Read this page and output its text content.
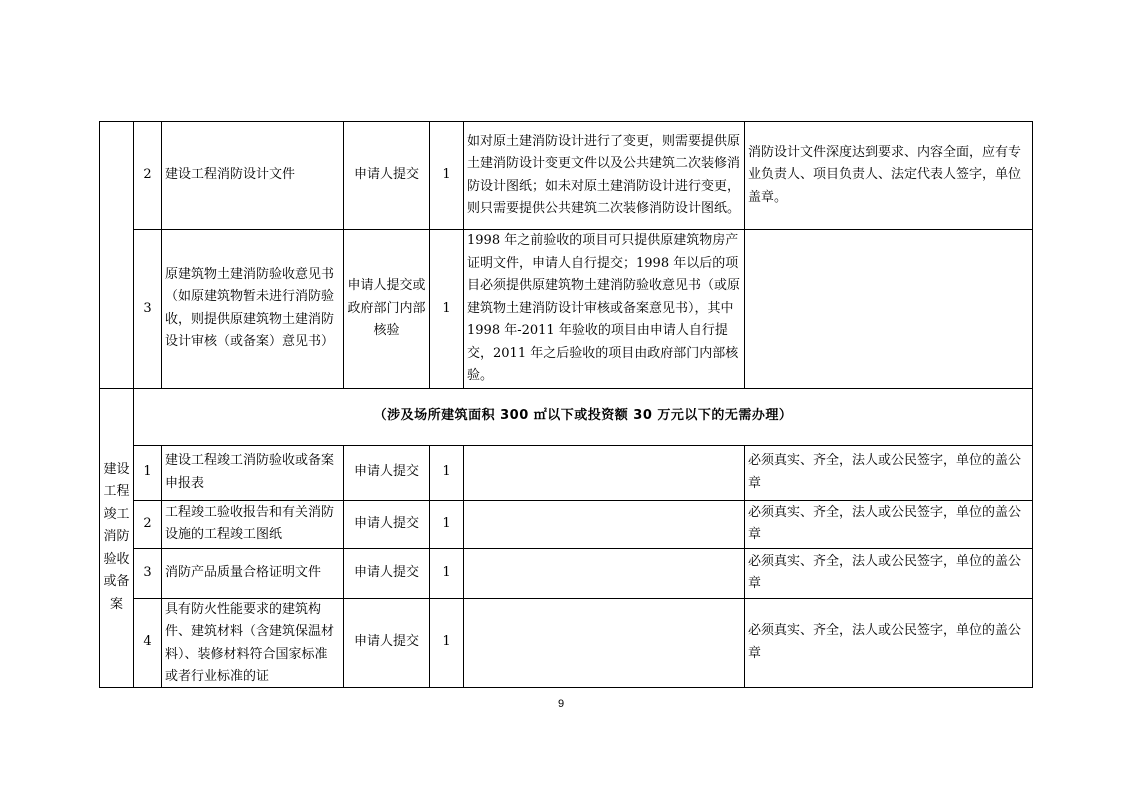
	2	建设工程消防设计文件	申请人提交	1	如对原土建消防设计进行了变更，则需要提供原土建消防设计变更文件以及公共建筑二次装修消防设计图纸；如未对原土建消防设计进行变更，则只需要提供公共建筑二次装修消防设计图纸。	消防设计文件深度达到要求、内容全面，应有专业负责人、项目负责人、法定代表人签字，单位盖章。
	3	原建筑物土建消防验收意见书（如原建筑物暂未进行消防验收，则提供原建筑物土建消防设计审核（或备案）意见书）	申请人提交或政府部门内部核验	1	1998 年之前验收的项目可只提供原建筑物房产证明文件，申请人自行提交；1998 年以后的项目必须提供原建筑物土建消防验收意见书（或原建筑物土建消防设计审核或备案意见书），其中 1998 年-2011 年验收的项目由申请人自行提交，2011 年之后验收的项目由政府部门内部核验。	
建设工程竣工消防验收或备案	（涉及场所建筑面积 300 ㎡以下或投资额 30 万元以下的无需办理）					
	1	建设工程竣工消防验收或备案申报表	申请人提交	1		必须真实、齐全，法人或公民签字，单位的盖公章
	2	工程竣工验收报告和有关消防设施的工程竣工图纸	申请人提交	1		必须真实、齐全，法人或公民签字，单位的盖公章
	3	消防产品质量合格证明文件	申请人提交	1		必须真实、齐全，法人或公民签字，单位的盖公章
	4	具有防火性能要求的建筑构件、建筑材料（含建筑保温材料）、装修材料符合国家标准或者行业标准的证	申请人提交	1		必须真实、齐全，法人或公民签字，单位的盖公章
9
